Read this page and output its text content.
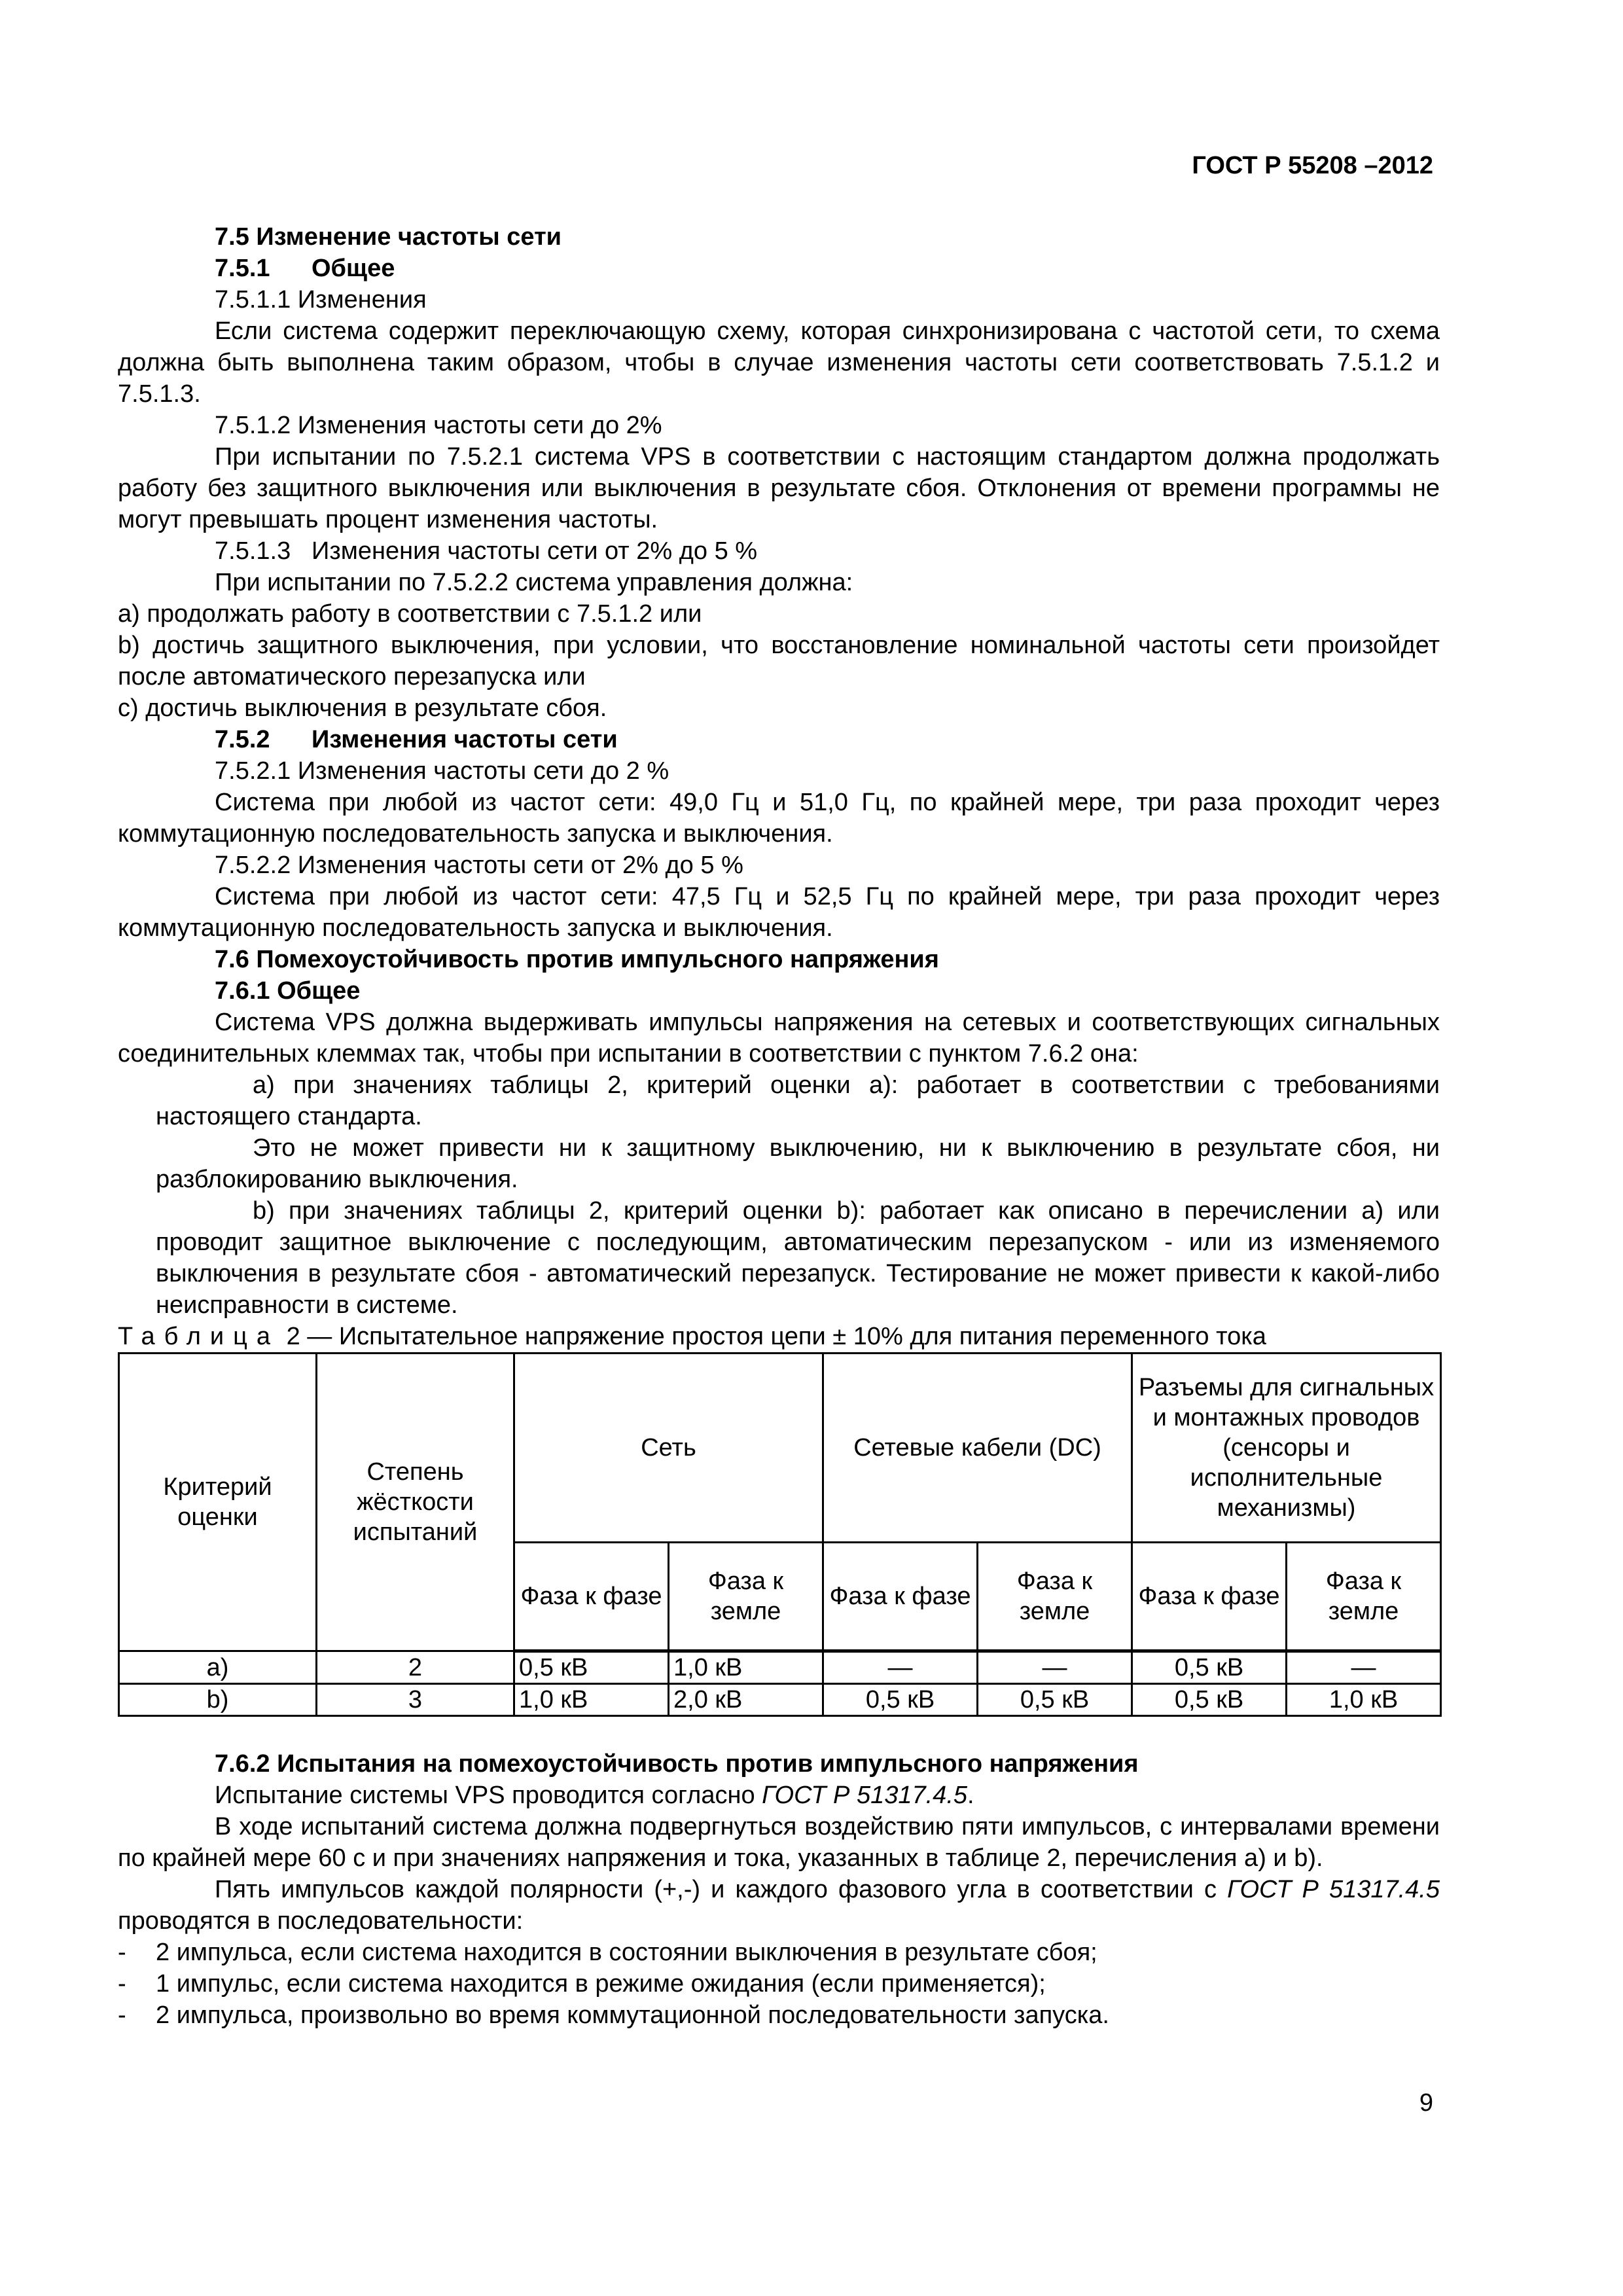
ГОСТ Р 55208 –2012

7.5 Изменение частоты сети

7.5.1 Общее

7.5.1.1 Изменения

Если система содержит переключающую схему, которая синхронизирована с частотой сети, то схема должна быть выполнена таким образом, чтобы в случае изменения частоты сети соответствовать 7.5.1.2 и 7.5.1.3.

7.5.1.2 Изменения частоты сети до 2%

При испытании по 7.5.2.1 система VPS в соответствии с настоящим стандартом должна продолжать работу без защитного выключения или выключения в результате сбоя. Отклонения от времени программы не могут превышать процент изменения частоты.

7.5.1.3 Изменения частоты сети от 2% до 5 %

При испытании по 7.5.2.2 система управления должна:

a) продолжать работу в соответствии с 7.5.1.2 или

b) достичь защитного выключения, при условии, что восстановление номинальной частоты сети произойдет после автоматического перезапуска или

c) достичь выключения в результате сбоя.

7.5.2 Изменения частоты сети

7.5.2.1 Изменения частоты сети до 2 %

Система при любой из частот сети: 49,0 Гц и 51,0 Гц, по крайней мере, три раза проходит через коммутационную последовательность запуска и выключения.

7.5.2.2 Изменения частоты сети от 2% до 5 %

Система при любой из частот сети: 47,5 Гц и 52,5 Гц по крайней мере, три раза проходит через коммутационную последовательность запуска и выключения.

7.6 Помехоустойчивость против импульсного напряжения

7.6.1 Общее

Система VPS должна выдерживать импульсы напряжения на сетевых и соответствующих сигнальных соединительных клеммах так, чтобы при испытании в соответствии с пунктом 7.6.2 она:

a) при значениях таблицы 2, критерий оценки a): работает в соответствии с требованиями настоящего стандарта.

Это не может привести ни к защитному выключению, ни к выключению в результате сбоя, ни разблокированию выключения.

b) при значениях таблицы 2, критерий оценки b): работает как описано в перечислении a) или проводит защитное выключение с последующим, автоматическим перезапуском - или из изменяемого выключения в результате сбоя - автоматический перезапуск. Тестирование не может привести к какой-либо неисправности в системе.

Таблица 2 — Испытательное напряжение простоя цепи ± 10% для питания переменного тока

Критерий оценки	Степень жёсткости испытаний	Сеть		Сетевые кабели (DC)		Разъемы для сигнальных и монтажных проводов (сенсоры и исполнительные механизмы)	
		Фаза к фазе	Фаза к земле	Фаза к фазе	Фаза к земле	Фаза к фазе	Фаза к земле
a)	2	0,5 кВ	1,0 кВ	—	—	0,5 кВ	—
b)	3	1,0 кВ	2,0 кВ	0,5 кВ	0,5 кВ	0,5 кВ	1,0 кВ

7.6.2 Испытания на помехоустойчивость против импульсного напряжения

Испытание системы VPS проводится согласно ГОСТ Р 51317.4.5.

В ходе испытаний система должна подвергнуться воздействию пяти импульсов, с интервалами времени по крайней мере 60 с и при значениях напряжения и тока, указанных в таблице 2, перечисления a) и b).

Пять импульсов каждой полярности (+,-) и каждого фазового угла в соответствии с ГОСТ Р 51317.4.5 проводятся в последовательности:

-	2 импульса, если система находится в состоянии выключения в результате сбоя;
-	1 импульс, если система находится в режиме ожидания (если применяется);
-	2 импульса, произвольно во время коммутационной последовательности запуска.
9
